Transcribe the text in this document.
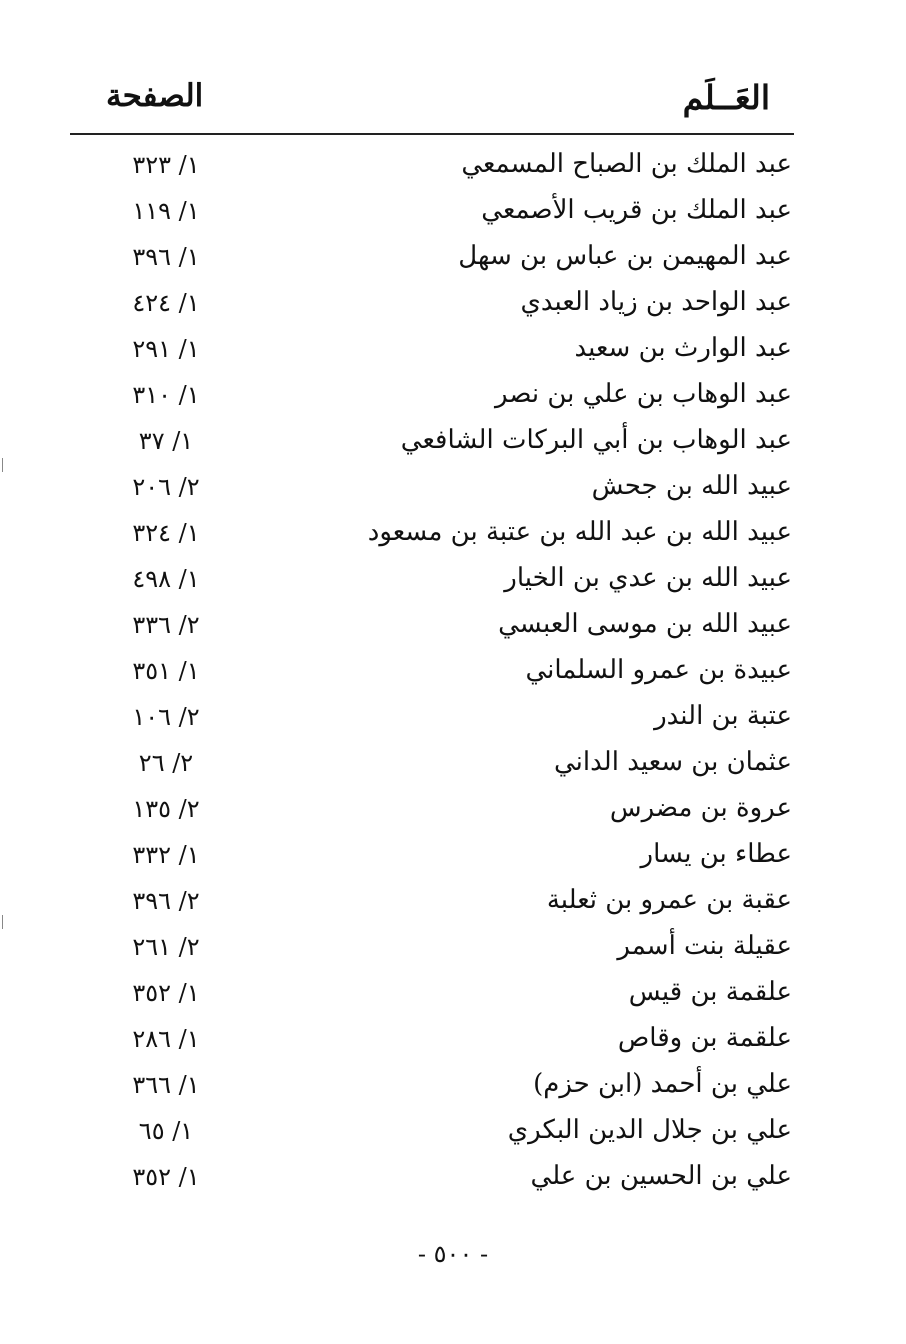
العَــلَم
الصفحة
عبد الملك بن الصباح المسمعي
١/ ٣٢٣
عبد الملك بن قريب الأصمعي
١/ ١١٩
عبد المهيمن بن عباس بن سهل
١/ ٣٩٦
عبد الواحد بن زياد العبدي
١/ ٤٢٤
عبد الوارث بن سعيد
١/ ٢٩١
عبد الوهاب بن علي بن نصر
١/ ٣١٠
عبد الوهاب بن أبي البركات الشافعي
١/ ٣٧
عبيد الله بن جحش
٢/ ٢٠٦
عبيد الله بن عبد الله بن عتبة بن مسعود
١/ ٣٢٤
عبيد الله بن عدي بن الخيار
١/ ٤٩٨
عبيد الله بن موسى العبسي
٢/ ٣٣٦
عبيدة بن عمرو السلماني
١/ ٣٥١
عتبة بن الندر
٢/ ١٠٦
عثمان بن سعيد الداني
٢/ ٢٦
عروة بن مضرس
٢/ ١٣٥
عطاء بن يسار
١/ ٣٣٢
عقبة بن عمرو بن ثعلبة
٢/ ٣٩٦
عقيلة بنت أسمر
٢/ ٢٦١
علقمة بن قيس
١/ ٣٥٢
علقمة بن وقاص
١/ ٢٨٦
علي بن أحمد (ابن حزم)
١/ ٣٦٦
علي بن جلال الدين البكري
١/ ٦٥
علي بن الحسين بن علي
١/ ٣٥٢
- ٥٠٠ -
